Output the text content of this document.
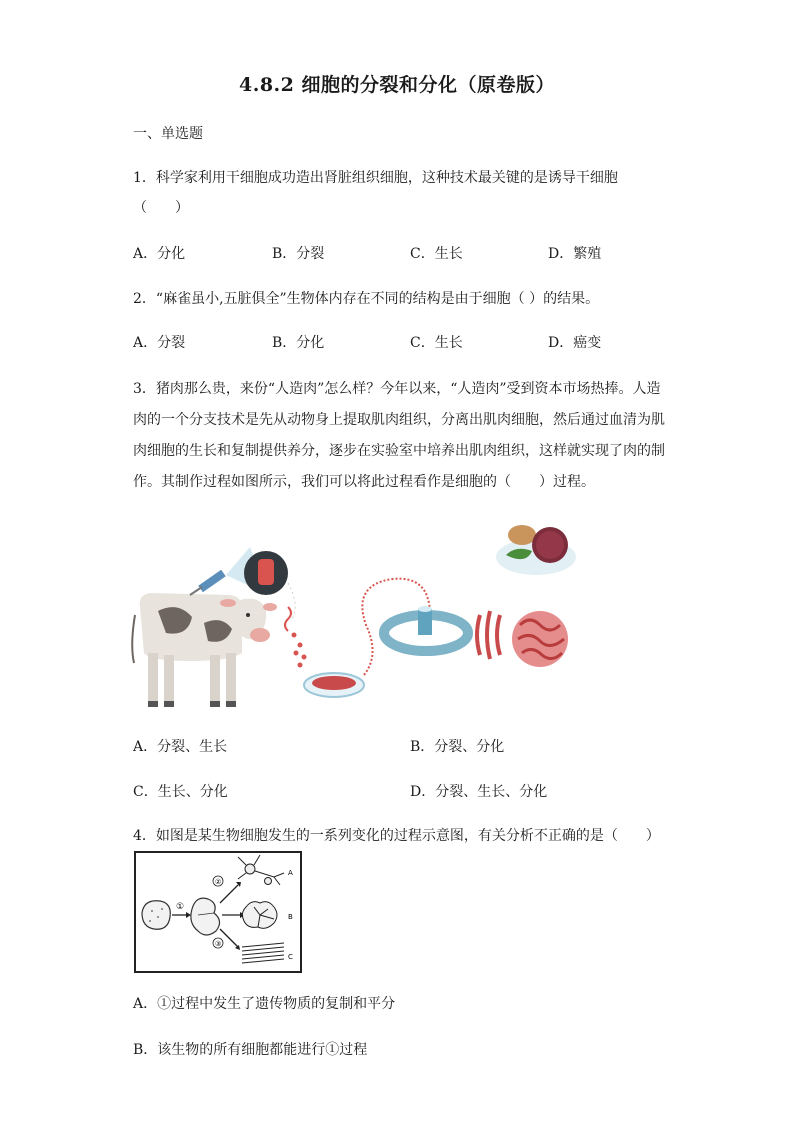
4.8.2 细胞的分裂和分化（原卷版）
一、单选题
1．科学家利用干细胞成功造出肾脏组织细胞，这种技术最关键的是诱导干细胞
（　　）
A．分化	B．分裂	C．生长	D．繁殖
2．“麻雀虽小,五脏俱全”生物体内存在不同的结构是由于细胞（ ）的结果。
A．分裂	B．分化	C．生长	D．癌变
3．猪肉那么贵，来份“人造肉”怎么样？今年以来，“人造肉”受到资本市场热捧。人造
肉的一个分支技术是先从动物身上提取肌肉组织，分离出肌肉细胞，然后通过血清为肌
肉细胞的生长和复制提供养分，逐步在实验室中培养出肌肉组织，这样就实现了肉的制
作。其制作过程如图所示，我们可以将此过程看作是细胞的（　　）过程。
A．分裂、生长	B．分裂、分化
C．生长、分化	D．分裂、生长、分化
4．如图是某生物细胞发生的一系列变化的过程示意图，有关分析不正确的是（　　）
①
②
③
A
B
C
A．①过程中发生了遗传物质的复制和平分
B．该生物的所有细胞都能进行①过程
